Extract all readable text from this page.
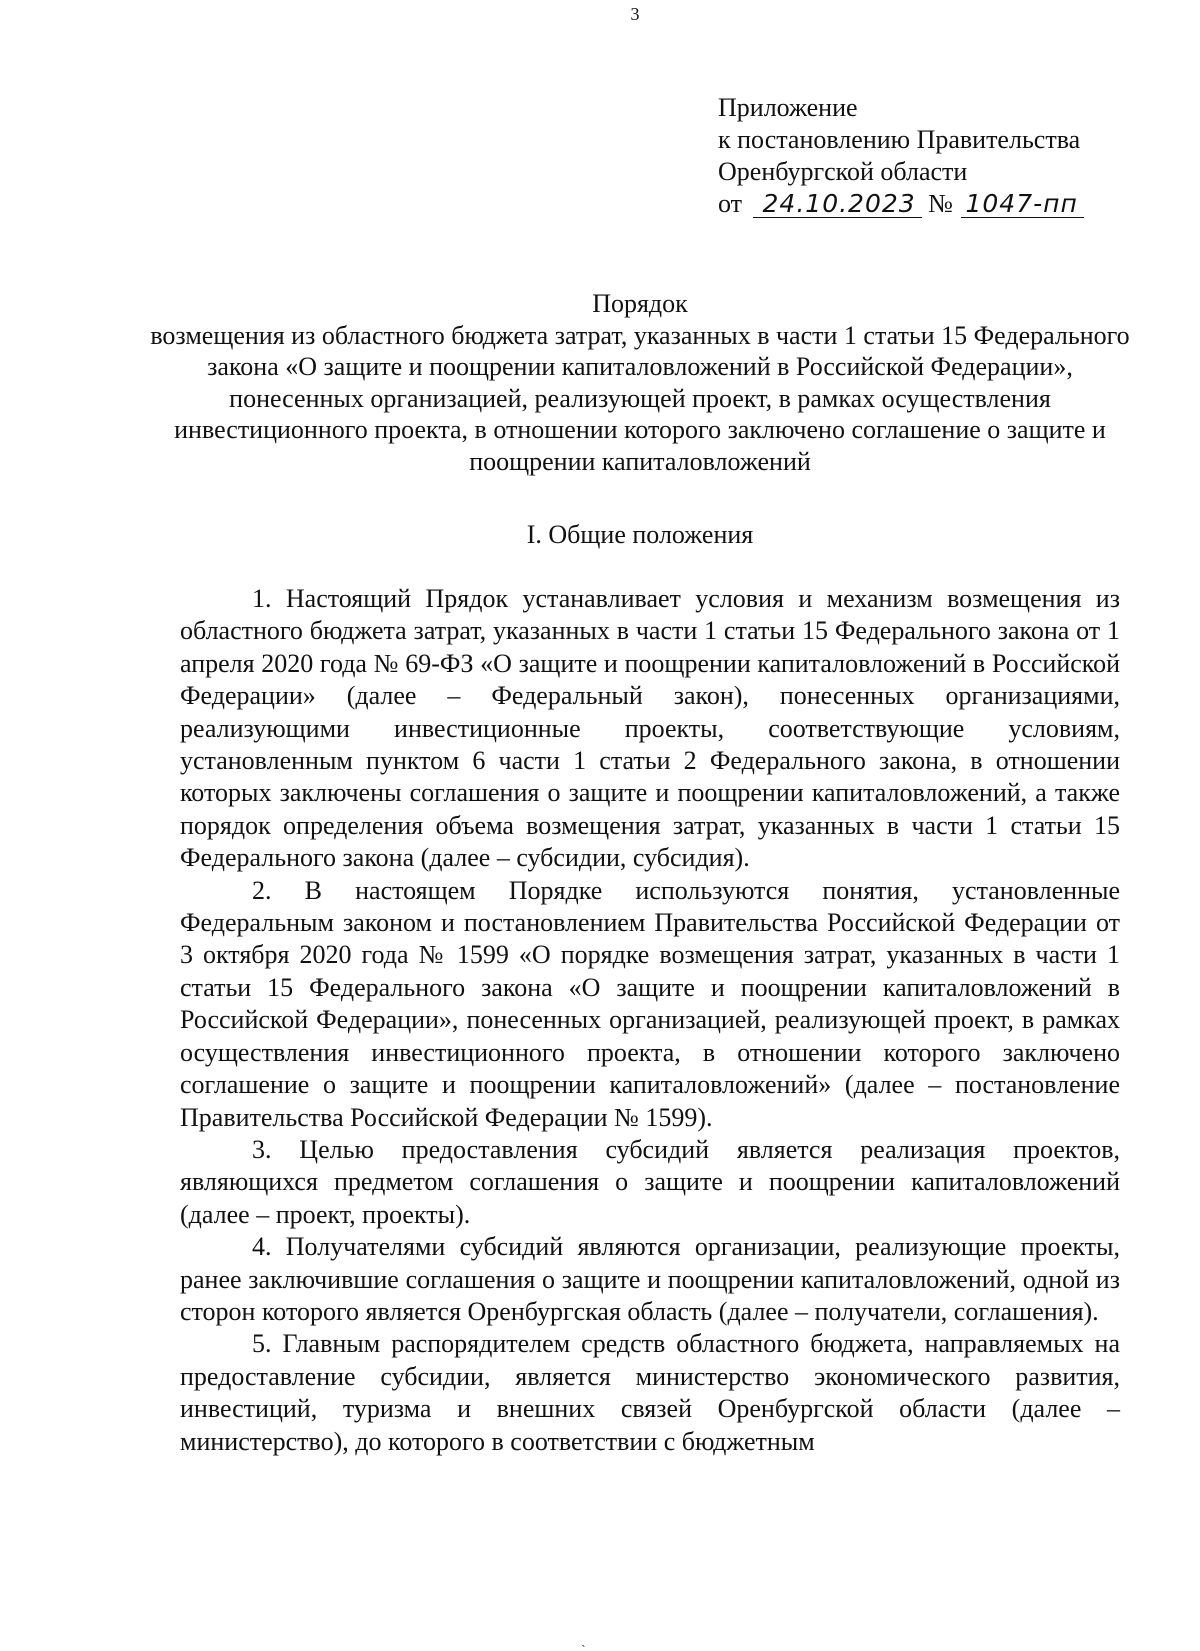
3
Приложение
к постановлению Правительства
Оренбургской области
от 24.10.2023 № 1047-пп
Порядок
возмещения из областного бюджета затрат, указанных в части 1 статьи 15 Федерального закона «О защите и поощрении капиталовложений в Российской Федерации», понесенных организацией, реализующей проект, в рамках осуществления инвестиционного проекта, в отношении которого заключено соглашение о защите и поощрении капиталовложений
I. Общие положения

1. Настоящий Прядок устанавливает условия и механизм возмещения из областного бюджета затрат, указанных в части 1 статьи 15 Федерального закона от 1 апреля 2020 года № 69-ФЗ «О защите и поощрении капиталовложений в Российской Федерации» (далее – Федеральный закон), понесенных организациями, реализующими инвестиционные проекты, соответствующие условиям, установленным пунктом 6 части 1 статьи 2 Федерального закона, в отношении которых заключены соглашения о защите и поощрении капиталовложений, а также порядок определения объема возмещения затрат, указанных в части 1 статьи 15 Федерального закона (далее – субсидии, субсидия).

2. В настоящем Порядке используются понятия, установленные Федеральным законом и постановлением Правительства Российской Федерации от 3 октября 2020 года № 1599 «О порядке возмещения затрат, указанных в части 1 статьи 15 Федерального закона «О защите и поощрении капиталовложений в Российской Федерации», понесенных организацией, реализующей проект, в рамках осуществления инвестиционного проекта, в отношении которого заключено соглашение о защите и поощрении капиталовложений» (далее – постановление Правительства Российской Федерации № 1599).

3. Целью предоставления субсидий является реализация проектов, являющихся предметом соглашения о защите и поощрении капиталовложений (далее – проект, проекты).

4. Получателями субсидий являются организации, реализующие проекты, ранее заключившие соглашения о защите и поощрении капиталовложений, одной из сторон которого является Оренбургская область (далее – получатели, соглашения).

5. Главным распорядителем средств областного бюджета, направляемых на предоставление субсидии, является министерство экономического развития, инвестиций, туризма и внешних связей Оренбургской области (далее – министерство), до которого в соответствии с бюджетным

ˏ
